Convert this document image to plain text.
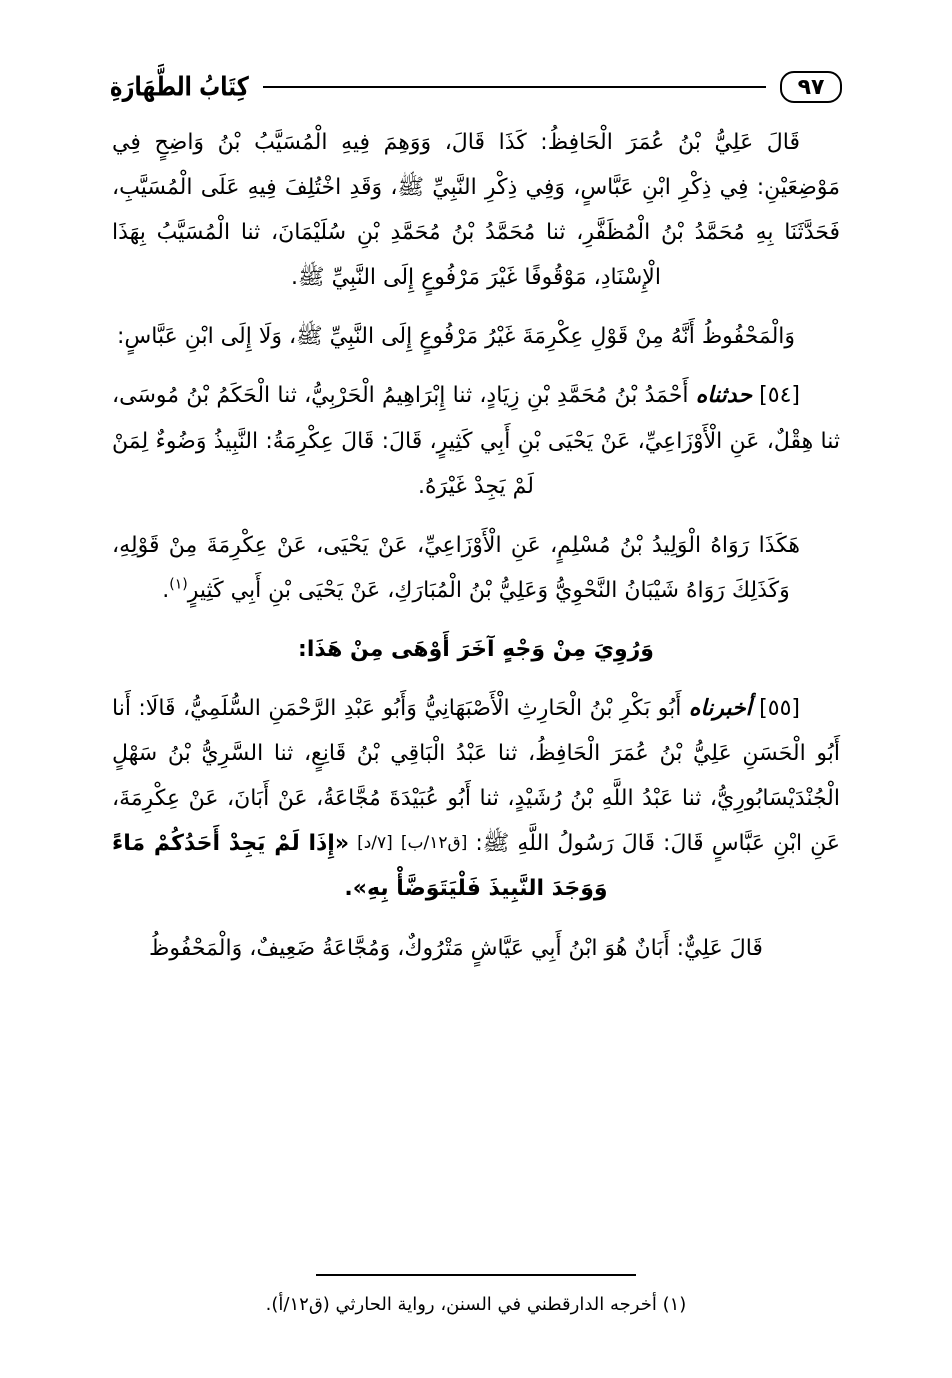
كِتَابُ الطَّهَارَةِ	٩٧

قَالَ عَلِيُّ بْنُ عُمَرَ الْحَافِظُ: كَذَا قَالَ، وَوَهِمَ فِيهِ الْمُسَيَّبُ بْنُ وَاضِحٍ فِي مَوْضِعَيْنِ: فِي ذِكْرِ ابْنِ عَبَّاسٍ، وَفِي ذِكْرِ النَّبِيِّ ﷺ، وَقَدِ اخْتُلِفَ فِيهِ عَلَى الْمُسَيَّبِ، فَحَدَّثَنَا بِهِ مُحَمَّدُ بْنُ الْمُظَفَّرِ، ثنا مُحَمَّدُ بْنُ مُحَمَّدِ بْنِ سُلَيْمَانَ، ثنا الْمُسَيَّبُ بِهَذَا الْإِسْنَادِ، مَوْقُوفًا غَيْرَ مَرْفُوعٍ إِلَى النَّبِيِّ ﷺ.

وَالْمَحْفُوظُ أَنَّهُ مِنْ قَوْلِ عِكْرِمَةَ غَيْرُ مَرْفُوعٍ إِلَى النَّبِيِّ ﷺ، وَلَا إِلَى ابْنِ عَبَّاسٍ:

[٥٤] حدثناه أَحْمَدُ بْنُ مُحَمَّدِ بْنِ زِيَادٍ، ثنا إِبْرَاهِيمُ الْحَرْبِيُّ، ثنا الْحَكَمُ بْنُ مُوسَى، ثنا هِقْلٌ، عَنِ الْأَوْزَاعِيِّ، عَنْ يَحْيَى بْنِ أَبِي كَثِيرٍ، قَالَ: قَالَ عِكْرِمَةُ: النَّبِيذُ وَضُوءٌ لِمَنْ لَمْ يَجِدْ غَيْرَهُ.

هَكَذَا رَوَاهُ الْوَلِيدُ بْنُ مُسْلِمٍ، عَنِ الْأَوْزَاعِيِّ، عَنْ يَحْيَى، عَنْ عِكْرِمَةَ مِنْ قَوْلِهِ، وَكَذَلِكَ رَوَاهُ شَيْبَانُ النَّحْوِيُّ وَعَلِيُّ بْنُ الْمُبَارَكِ، عَنْ يَحْيَى بْنِ أَبِي كَثِيرٍ$^{(١)}$.

وَرُوِيَ مِنْ وَجْهٍ آخَرَ أَوْهَى مِنْ هَذَا:

[٥٥] أخبرناه أَبُو بَكْرِ بْنُ الْحَارِثِ الْأَصْبَهَانِيُّ وَأَبُو عَبْدِ الرَّحْمَنِ السُّلَمِيُّ، قَالَا: أَنا أَبُو الْحَسَنِ عَلِيُّ بْنُ عُمَرَ الْحَافِظُ، ثنا عَبْدُ الْبَاقِي بْنُ قَانِعٍ، ثنا السَّرِيُّ بْنُ سَهْلٍ الْجُنْدَيْسَابُورِيُّ، ثنا عَبْدُ اللَّهِ بْنُ رُشَيْدٍ، ثنا أَبُو عُبَيْدَةَ مُجَّاعَةُ، عَنْ أَبَانَ، عَنْ عِكْرِمَةَ، عَنِ ابْنِ عَبَّاسٍ قَالَ: قَالَ رَسُولُ اللَّهِ ﷺ: [ق١٢/ب] [٧/د] «إِذَا لَمْ يَجِدْ أَحَدُكُمْ مَاءً وَوَجَدَ النَّبِيذَ فَلْيَتَوَضَّأْ بِهِ».

قَالَ عَلِيٌّ: أَبَانٌ هُوَ ابْنُ أَبِي عَيَّاشٍ مَتْرُوكٌ، وَمُجَّاعَةُ ضَعِيفٌ، وَالْمَحْفُوظُ

(١) أخرجه الدارقطني في السنن، رواية الحارثي (ق١٢/أ).
